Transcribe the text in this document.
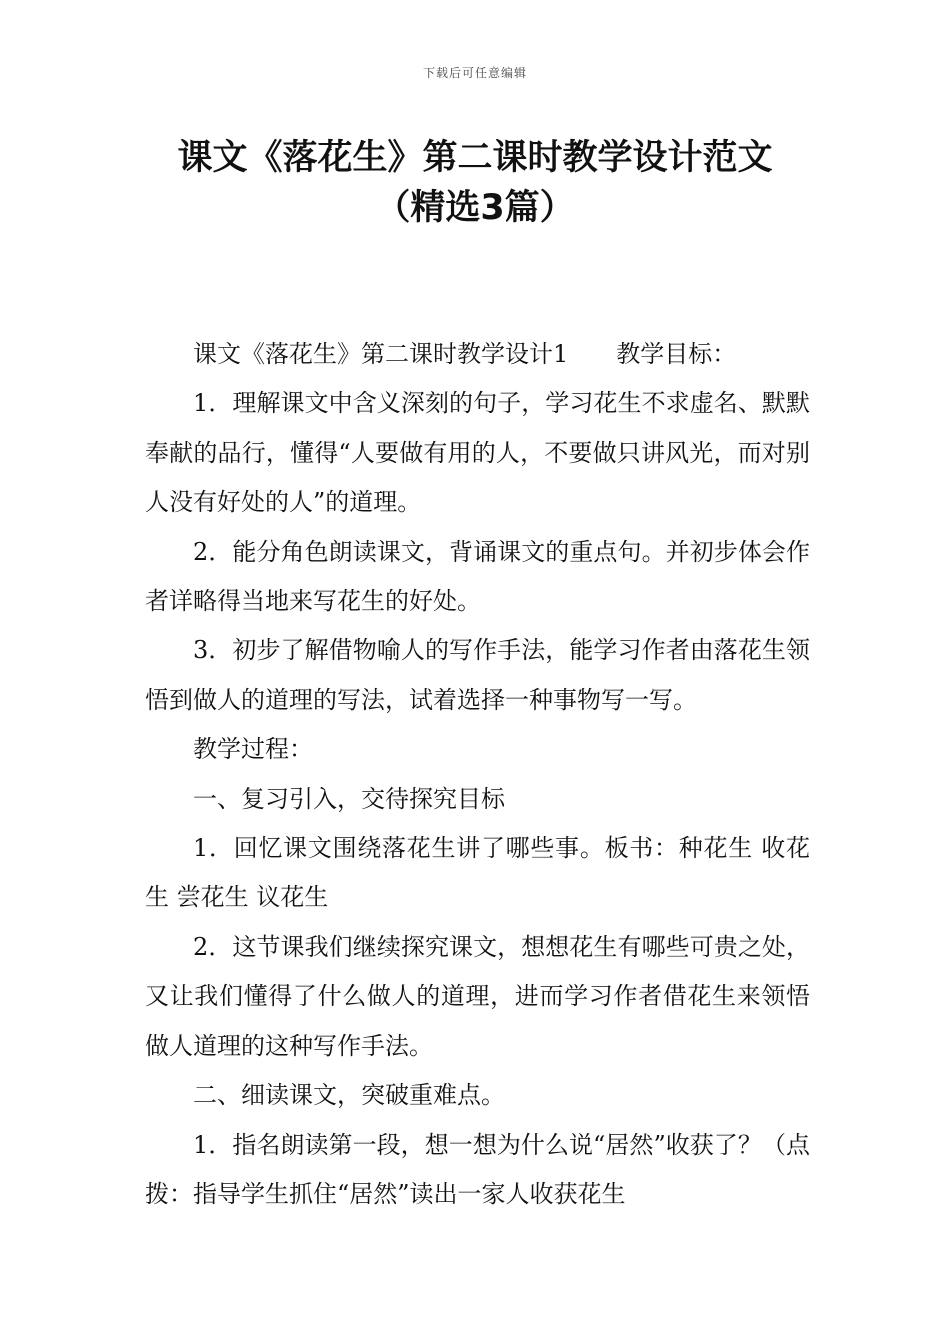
下载后可任意编辑
课文《落花生》第二课时教学设计范文
（精选3篇）

课文《落花生》第二课时教学设计1　　教学目标：

1．理解课文中含义深刻的句子，学习花生不求虚名、默默奉献的品行，懂得“人要做有用的人，不要做只讲风光，而对别人没有好处的人”的道理。

2．能分角色朗读课文，背诵课文的重点句。并初步体会作者详略得当地来写花生的好处。

3．初步了解借物喻人的写作手法，能学习作者由落花生领悟到做人的道理的写法，试着选择一种事物写一写。

教学过程：

一、复习引入，交待探究目标

1．回忆课文围绕落花生讲了哪些事。板书：种花生 收花生 尝花生 议花生

2．这节课我们继续探究课文，想想花生有哪些可贵之处，又让我们懂得了什么做人的道理，进而学习作者借花生来领悟做人道理的这种写作手法。

二、细读课文，突破重难点。

1．指名朗读第一段，想一想为什么说“居然”收获了？（点拨：指导学生抓住“居然”读出一家人收获花生
